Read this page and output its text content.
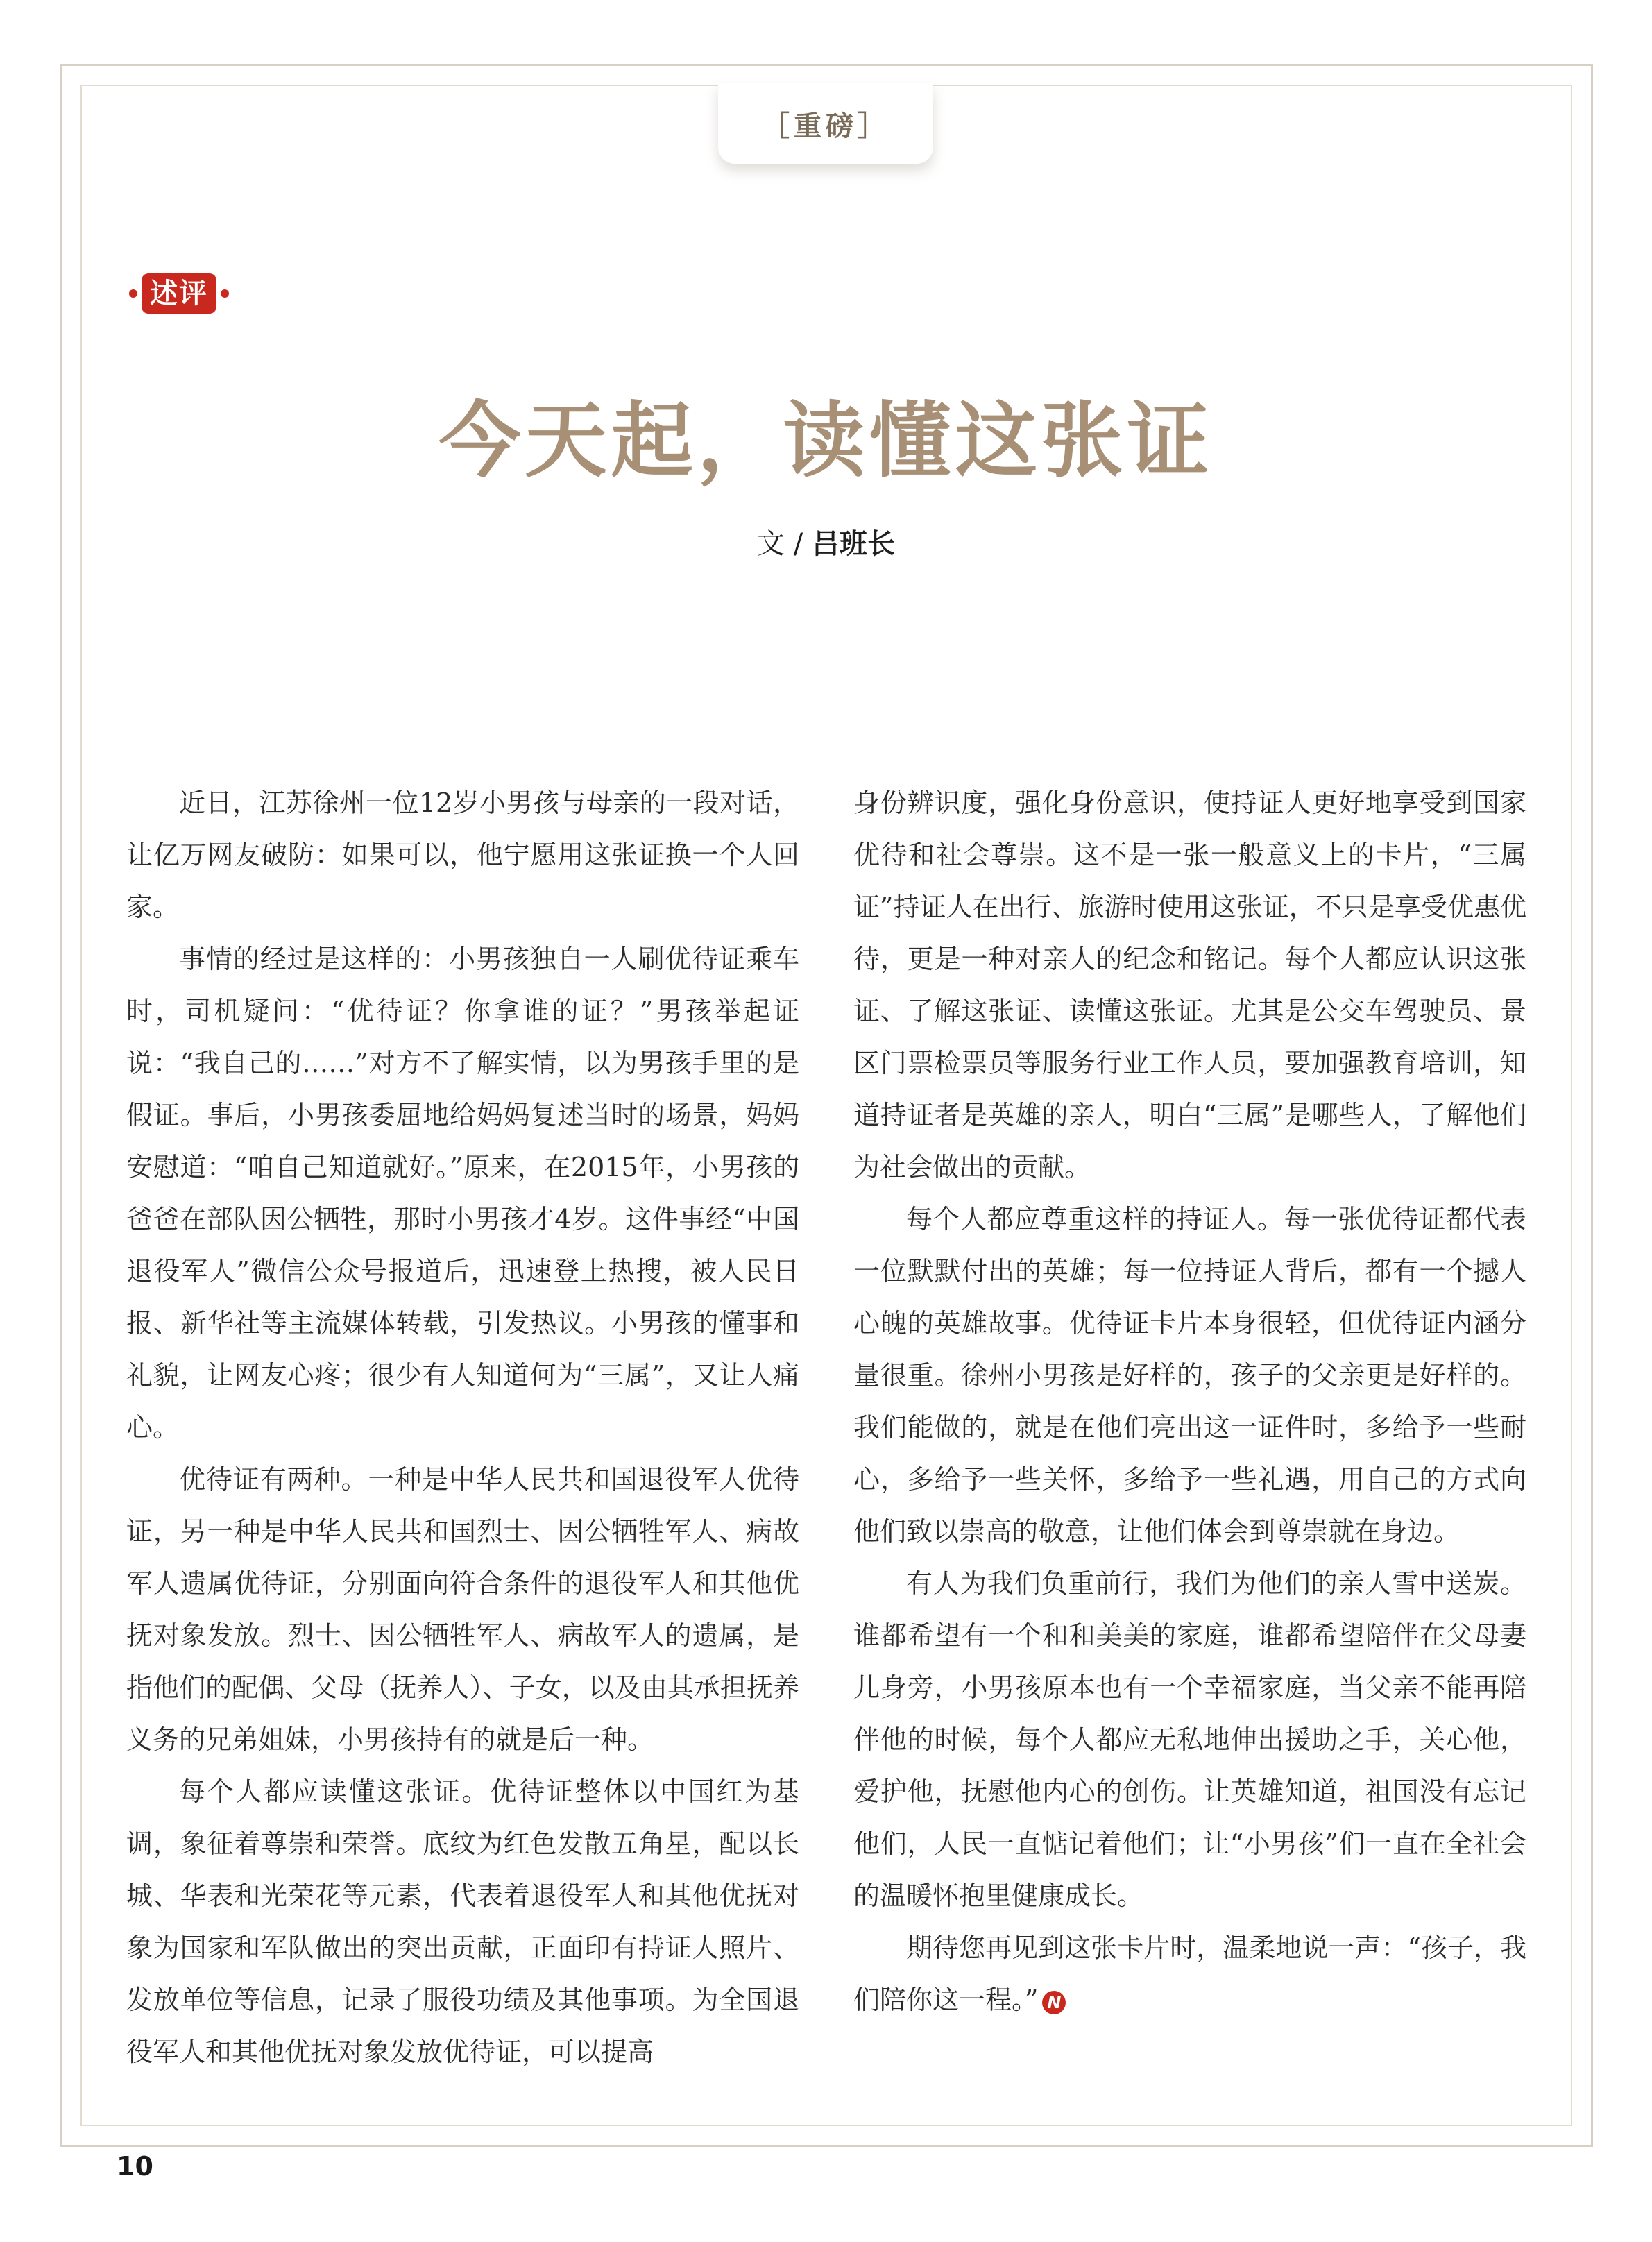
［重磅］
述评
今天起，读懂这张证
文 / 吕班长

近日，江苏徐州一位12岁小男孩与母亲的一段对话，让亿万网友破防：如果可以，他宁愿用这张证换一个人回家。

事情的经过是这样的：小男孩独自一人刷优待证乘车时，司机疑问：“优待证？你拿谁的证？”男孩举起证说：“我自己的……”对方不了解实情，以为男孩手里的是假证。事后，小男孩委屈地给妈妈复述当时的场景，妈妈安慰道：“咱自己知道就好。”原来，在2015年，小男孩的爸爸在部队因公牺牲，那时小男孩才4岁。这件事经“中国退役军人”微信公众号报道后，迅速登上热搜，被人民日报、新华社等主流媒体转载，引发热议。小男孩的懂事和礼貌，让网友心疼；很少有人知道何为“三属”，又让人痛心。

优待证有两种。一种是中华人民共和国退役军人优待证，另一种是中华人民共和国烈士、因公牺牲军人、病故军人遗属优待证，分别面向符合条件的退役军人和其他优抚对象发放。烈士、因公牺牲军人、病故军人的遗属，是指他们的配偶、父母（抚养人）、子女，以及由其承担抚养义务的兄弟姐妹，小男孩持有的就是后一种。

每个人都应读懂这张证。优待证整体以中国红为基调，象征着尊崇和荣誉。底纹为红色发散五角星，配以长城、华表和光荣花等元素，代表着退役军人和其他优抚对象为国家和军队做出的突出贡献，正面印有持证人照片、发放单位等信息，记录了服役功绩及其他事项。为全国退役军人和其他优抚对象发放优待证，可以提高

身份辨识度，强化身份意识，使持证人更好地享受到国家优待和社会尊崇。这不是一张一般意义上的卡片，“三属证”持证人在出行、旅游时使用这张证，不只是享受优惠优待，更是一种对亲人的纪念和铭记。每个人都应认识这张证、了解这张证、读懂这张证。尤其是公交车驾驶员、景区门票检票员等服务行业工作人员，要加强教育培训，知道持证者是英雄的亲人，明白“三属”是哪些人，了解他们为社会做出的贡献。

每个人都应尊重这样的持证人。每一张优待证都代表一位默默付出的英雄；每一位持证人背后，都有一个撼人心魄的英雄故事。优待证卡片本身很轻，但优待证内涵分量很重。徐州小男孩是好样的，孩子的父亲更是好样的。我们能做的，就是在他们亮出这一证件时，多给予一些耐心，多给予一些关怀，多给予一些礼遇，用自己的方式向他们致以崇高的敬意，让他们体会到尊崇就在身边。

有人为我们负重前行，我们为他们的亲人雪中送炭。谁都希望有一个和和美美的家庭，谁都希望陪伴在父母妻儿身旁，小男孩原本也有一个幸福家庭，当父亲不能再陪伴他的时候，每个人都应无私地伸出援助之手，关心他，爱护他，抚慰他内心的创伤。让英雄知道，祖国没有忘记他们，人民一直惦记着他们；让“小男孩”们一直在全社会的温暖怀抱里健康成长。

期待您再见到这张卡片时，温柔地说一声：“孩子，我们陪你这一程。” N

10
